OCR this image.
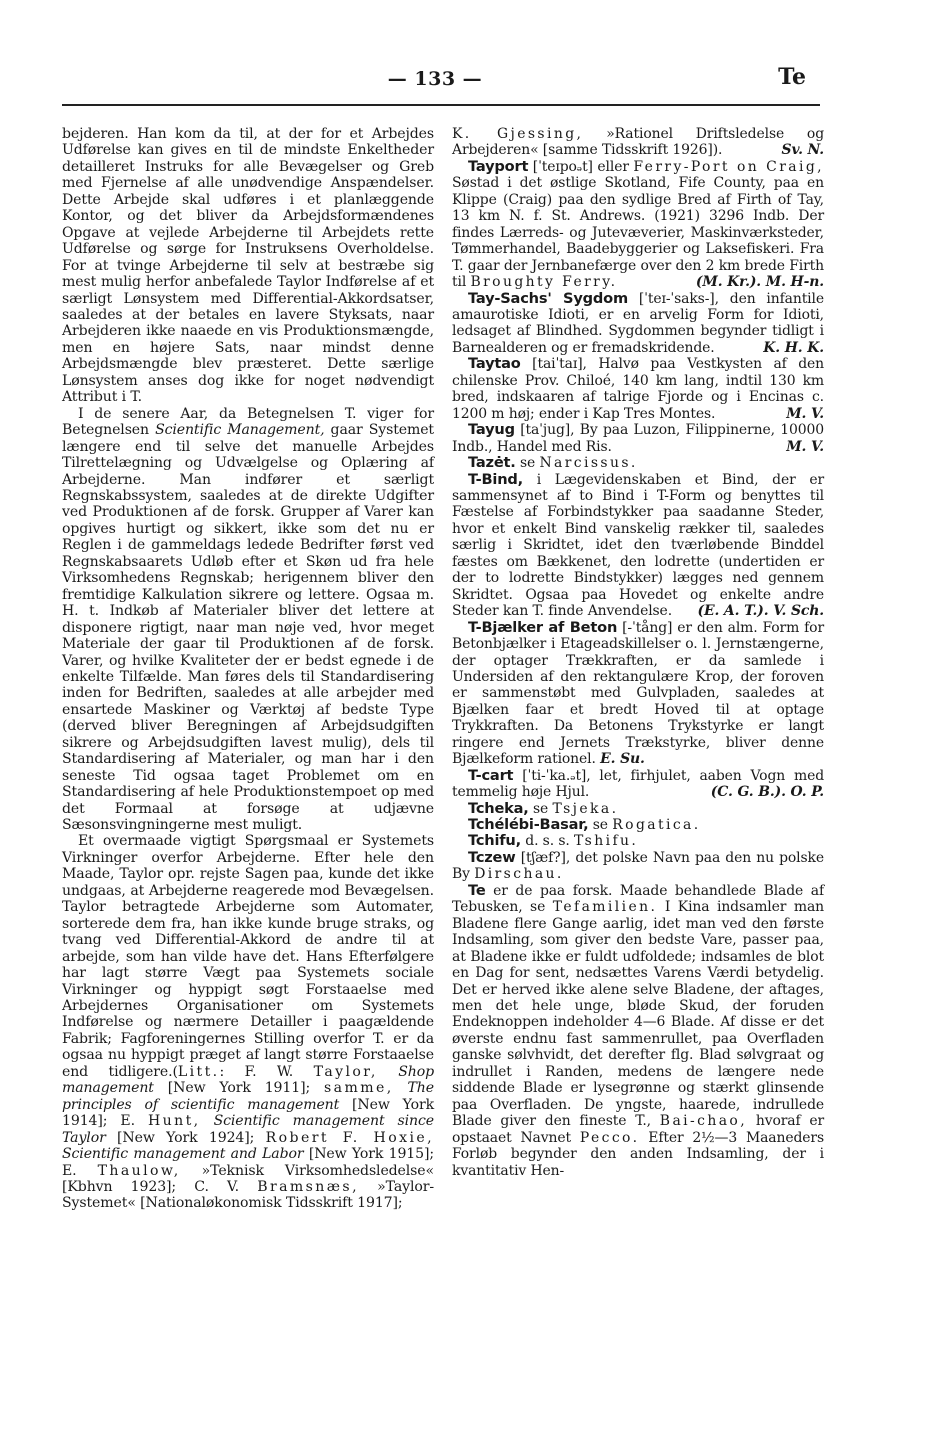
— 133 —	Te

bejderen. Han kom da til, at der for et Arbejdes Udførelse kan gives en til de mindste Enkeltheder detailleret Instruks for alle Bevægelser og Greb med Fjernelse af alle unødvendige Anspændelser. Dette Arbejde skal udføres i et planlæggende Kontor, og det bliver da Arbejdsformændenes Opgave at vejlede Arbejderne til Arbejdets rette Udførelse og sørge for Instruksens Overholdelse. For at tvinge Arbejderne til selv at bestræbe sig mest mulig herfor anbefalede Taylor Indførelse af et særligt Lønsystem med Differential-Akkordsatser, saaledes at der betales en lavere Styksats, naar Arbejderen ikke naaede en vis Produktionsmængde, men en højere Sats, naar mindst denne Arbejdsmængde blev præsteret. Dette særlige Lønsystem anses dog ikke for noget nødvendigt Attribut i T.

I de senere Aar, da Betegnelsen T. viger for Betegnelsen Scientific Management, gaar Systemet længere end til selve det manuelle Arbejdes Tilrettelægning og Udvælgelse og Oplæring af Arbejderne. Man indfører et særligt Regnskabssystem, saaledes at de direkte Udgifter ved Produktionen af de forsk. Grupper af Varer kan opgives hurtigt og sikkert, ikke som det nu er Reglen i de gammeldags ledede Bedrifter først ved Regnskabsaarets Udløb efter et Skøn ud fra hele Virksomhedens Regnskab; herigennem bliver den fremtidige Kalkulation sikrere og lettere. Ogsaa m. H. t. Indkøb af Materialer bliver det lettere at disponere rigtigt, naar man nøje ved, hvor meget Materiale der gaar til Produktionen af de forsk. Varer, og hvilke Kvaliteter der er bedst egnede i de enkelte Tilfælde. Man føres dels til Standardisering inden for Bedriften, saaledes at alle arbejder med ensartede Maskiner og Værktøj af bedste Type (derved bliver Beregningen af Arbejdsudgiften sikrere og Arbejdsudgiften lavest mulig), dels til Standardisering af Materialer, og man har i den seneste Tid ogsaa taget Problemet om en Standardisering af hele Produktionstempoet op med det Formaal at forsøge at udjævne Sæsonsvingningerne mest muligt.

Et overmaade vigtigt Spørgsmaal er Systemets Virkninger overfor Arbejderne. Efter hele den Maade, Taylor opr. rejste Sagen paa, kunde det ikke undgaas, at Arbejderne reagerede mod Bevægelsen. Taylor betragtede Arbejderne som Automater, sorterede dem fra, han ikke kunde bruge straks, og tvang ved Differential-Akkord de andre til at arbejde, som han vilde have det. Hans Efterfølgere har lagt større Vægt paa Systemets sociale Virkninger og hyppigt søgt Forstaaelse med Arbejdernes Organisationer om Systemets Indførelse og nærmere Detailler i paagældende Fabrik; Fagforeningernes Stilling overfor T. er da ogsaa nu hyppigt præget af langt større Forstaaelse end tidligere.(Litt.: F. W. Taylor, Shop management [New York 1911]; samme, The principles of scientific management [New York 1914]; E. Hunt, Scientific management since Taylor [New York 1924]; Robert F. Hoxie, Scientific management and Labor [New York 1915]; E. Thaulow, »Teknisk Virksomhedsledelse« [Kbhvn 1923]; C. V. Bramsnæs, »Taylor-Systemet« [Nationaløkonomisk Tidsskrift 1917];

K. Gjessing, »Rationel Driftsledelse og Arbejderen« [samme Tidsskrift 1926]).	Sv. N.

Tayport [ˈteɪpoₔt] eller Ferry-Port on Craig, Søstad i det østlige Skotland, Fife County, paa en Klippe (Craig) paa den sydlige Bred af Firth of Tay, 13 km N. f. St. Andrews. (1921) 3296 Indb. Der findes Lærreds- og Jutevæverier, Maskinværksteder, Tømmerhandel, Baadebyggerier og Laksefiskeri. Fra T. gaar der Jernbanefærge over den 2 km brede Firth til Broughty Ferry.	(M. Kr.). M. H-n.

Tay-Sachs' Sygdom [ˈteɪ-ˈsaks-], den infantile amaurotiske Idioti, er en arvelig Form for Idioti, ledsaget af Blindhed. Sygdommen begynder tidligt i Barnealderen og er fremadskridende.	K. H. K.

Taytao [taiˈtaɪ], Halvø paa Vestkysten af den chilenske Prov. Chiloé, 140 km lang, indtil 130 km bred, indskaaren af talrige Fjorde og i Encinas c. 1200 m høj; ender i Kap Tres Montes.	M. V.

Tayug [taˈjug], By paa Luzon, Filippinerne, 10000 Indb., Handel med Ris.	M. V.

Tazėt. se Narcissus.

T-Bind, i Lægevidenskaben et Bind, der er sammensynet af to Bind i T-Form og benyttes til Fæstelse af Forbindstykker paa saadanne Steder, hvor et enkelt Bind vanskelig rækker til, saaledes særlig i Skridtet, idet den tværløbende Binddel fæstes om Bækkenet, den lodrette (undertiden er der to lodrette Bindstykker) lægges ned gennem Skridtet. Ogsaa paa Hovedet og enkelte andre Steder kan T. finde Anvendelse.	(E. A. T.). V. Sch.

T-Bjælker af Beton [-ˈtång] er den alm. Form for Betonbjælker i Etageadskillelser o. l. Jernstængerne, der optager Trækkraften, er da samlede i Undersiden af den rektangulære Krop, der foroven er sammenstøbt med Gulvpladen, saaledes at Bjælken faar et bredt Hoved til at optage Trykkraften. Da Betonens Trykstyrke er langt ringere end Jernets Trækstyrke, bliver denne Bjælkeform rationel. E. Su.

T-cart [ˈti-ˈka.ₔt], let, firhjulet, aaben Vogn med temmelig høje Hjul.	(C. G. B.). O. P.

Tcheka, se Tsjeka.

Tchélébi-Basar, se Rogatica.

Tchifu, d. s. s. Tshifu.

Tczew [tʃæf?], det polske Navn paa den nu polske By Dirschau.

Te er de paa forsk. Maade behandlede Blade af Tebusken, se Tefamilien. I Kina indsamler man Bladene flere Gange aarlig, idet man ved den første Indsamling, som giver den bedste Vare, passer paa, at Bladene ikke er fuldt udfoldede; indsamles de blot en Dag for sent, nedsættes Varens Værdi betydelig. Det er herved ikke alene selve Bladene, der aftages, men det hele unge, bløde Skud, der foruden Endeknoppen indeholder 4—6 Blade. Af disse er det øverste endnu fast sammenrullet, paa Overfladen ganske sølvhvidt, det derefter flg. Blad sølvgraat og indrullet i Randen, medens de længere nede siddende Blade er lysegrønne og stærkt glinsende paa Overfladen. De yngste, haarede, indrullede Blade giver den fineste T., Bai-chao, hvoraf er opstaaet Navnet Pecco. Efter 2½—3 Maaneders Forløb begynder den anden Indsamling, der i kvantitativ Hen-
